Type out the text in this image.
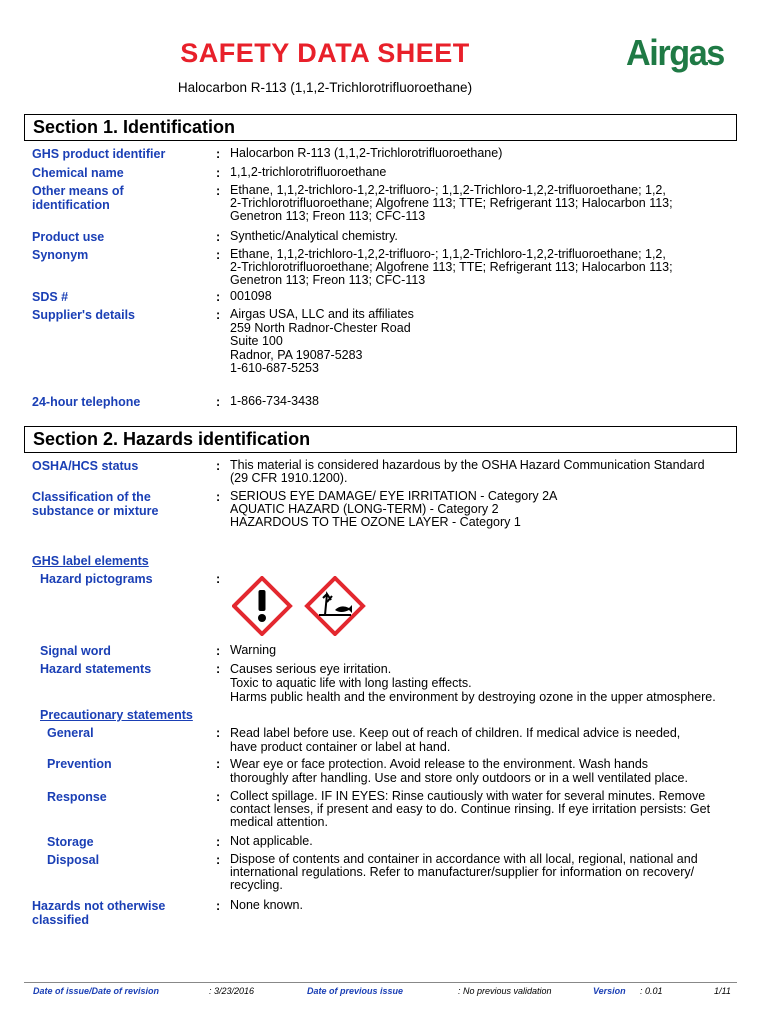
SAFETY DATA SHEET
Halocarbon R-113 (1,1,2-Trichlorotrifluoroethane)
Airgas
Section 1. Identification
GHS product identifier	: Halocarbon R-113 (1,1,2-Trichlorotrifluoroethane)
Chemical name	: 1,1,2-trichlorotrifluoroethane
Other means of
identification
: Ethane, 1,1,2-trichloro-1,2,2-trifluoro-; 1,1,2-Trichloro-1,2,2-trifluoroethane; 1,2,
2-Trichlorotrifluoroethane; Algofrene 113; TTE; Refrigerant 113; Halocarbon 113;
Genetron 113; Freon 113; CFC-113
Product use	: Synthetic/Analytical chemistry.
Synonym	: Ethane, 1,1,2-trichloro-1,2,2-trifluoro-; 1,1,2-Trichloro-1,2,2-trifluoroethane; 1,2,
2-Trichlorotrifluoroethane; Algofrene 113; TTE; Refrigerant 113; Halocarbon 113;
Genetron 113; Freon 113; CFC-113
SDS #	: 001098
Supplier's details	: Airgas USA, LLC and its affiliates
259 North Radnor-Chester Road
Suite 100
Radnor, PA 19087-5283
1-610-687-5253
24-hour telephone	: 1-866-734-3438
Section 2. Hazards identification
OSHA/HCS status	: This material is considered hazardous by the OSHA Hazard Communication Standard
(29 CFR 1910.1200).
Classification of the
substance or mixture
: SERIOUS EYE DAMAGE/ EYE IRRITATION - Category 2A
AQUATIC HAZARD (LONG-TERM) - Category 2
HAZARDOUS TO THE OZONE LAYER - Category 1
GHS label elements
Hazard pictograms	:
Signal word	: Warning
Hazard statements	: Causes serious eye irritation.
Toxic to aquatic life with long lasting effects.
Harms public health and the environment by destroying ozone in the upper atmosphere.
Precautionary statements
General	: Read label before use. Keep out of reach of children. If medical advice is needed,
have product container or label at hand.
Prevention	: Wear eye or face protection. Avoid release to the environment. Wash hands
thoroughly after handling. Use and store only outdoors or in a well ventilated place.
Response	: Collect spillage. IF IN EYES: Rinse cautiously with water for several minutes. Remove
contact lenses, if present and easy to do. Continue rinsing. If eye irritation persists: Get
medical attention.
Storage	: Not applicable.
Disposal	: Dispose of contents and container in accordance with all local, regional, national and
international regulations. Refer to manufacturer/supplier for information on recovery/
recycling.
Hazards not otherwise
classified
: None known.
Date of issue/Date of revision	: 3/23/2016	Date of previous issue	: No previous validation	Version : 0.01	1/11
